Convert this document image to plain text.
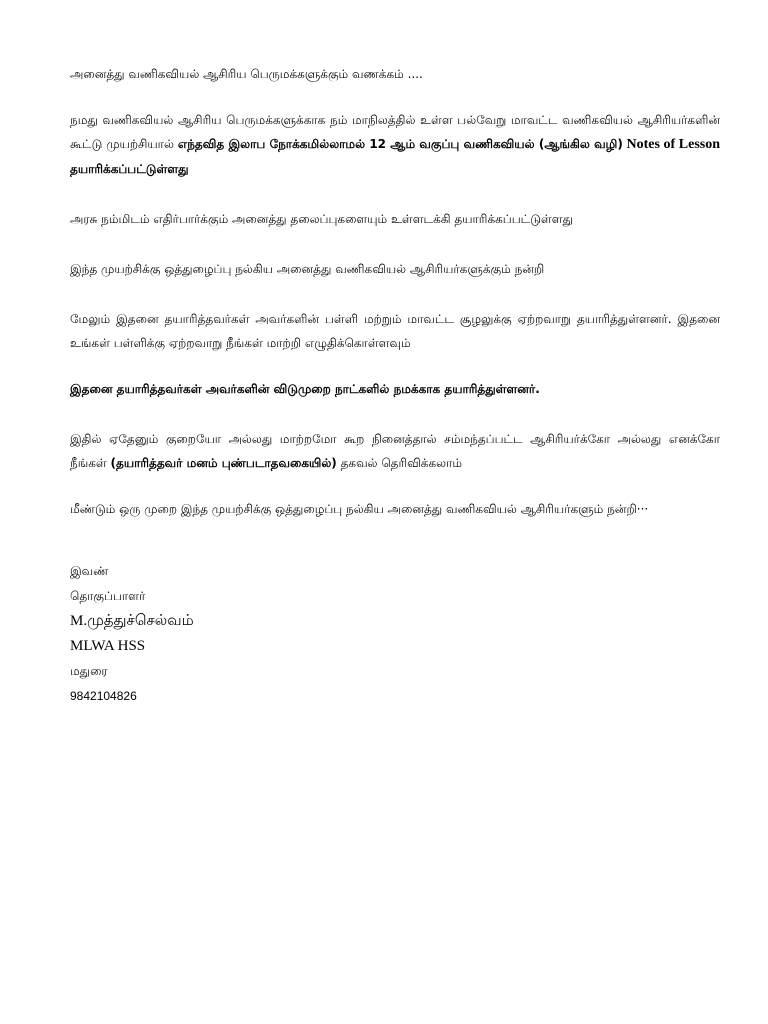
அனைத்து வணிகவியல் ஆசிரிய பெருமக்களுக்கும் வணக்கம் ....

நமது வணிகவியல் ஆசிரிய பெருமக்களுக்காக நம் மாநிலத்தில் உள்ள பல்வேறு மாவட்ட வணிகவியல் ஆசிரியர்களின் கூட்டு முயற்சியால் எந்தவித இலாப நோக்கமில்லாமல் 12 ஆம் வகுப்பு வணிகவியல் (ஆங்கில வழி) Notes of Lesson தயாரிக்கப்பட்டுள்ளது

அரசு நம்மிடம் எதிர்பார்க்கும் அனைத்து தலைப்புகளையும் உள்ளடக்கி தயாரிக்கப்பட்டுள்ளது

இந்த முயற்சிக்கு ஒத்துழைப்பு நல்கிய அனைத்து வணிகவியல் ஆசிரியர்களுக்கும் நன்றி

மேலும் இதனை தயாரித்தவர்கள் அவர்களின் பள்ளி மற்றும் மாவட்ட சூழலுக்கு ஏற்றவாறு தயாரித்துள்ளனர். இதனை உங்கள் பள்ளிக்கு ஏற்றவாறு நீங்கள் மாற்றி எழுதிக்கொள்ளவும்

இதனை தயாரித்தவர்கள் அவர்களின் விடுமுறை நாட்களில் நமக்காக தயாரித்துள்ளனர்.

இதில் ஏதேனும் குறையோ அல்லது மாற்றமோ கூற நினைத்தால் சம்மந்தப்பட்ட ஆசிரியர்க்கோ அல்லது எனக்கோ நீங்கள் (தயாரித்தவர் மனம் புண்படாதவகையில்) தகவல் தெரிவிக்கலாம்

மீண்டும் ஒரு முறை இந்த முயற்சிக்கு ஒத்துழைப்பு நல்கிய அனைத்து வணிகவியல் ஆசிரியர்களும் நன்றி···

இவண்
தொகுப்பாளர்
M.முத்துச்செல்வம்
MLWA HSS
மதுரை
9842104826
